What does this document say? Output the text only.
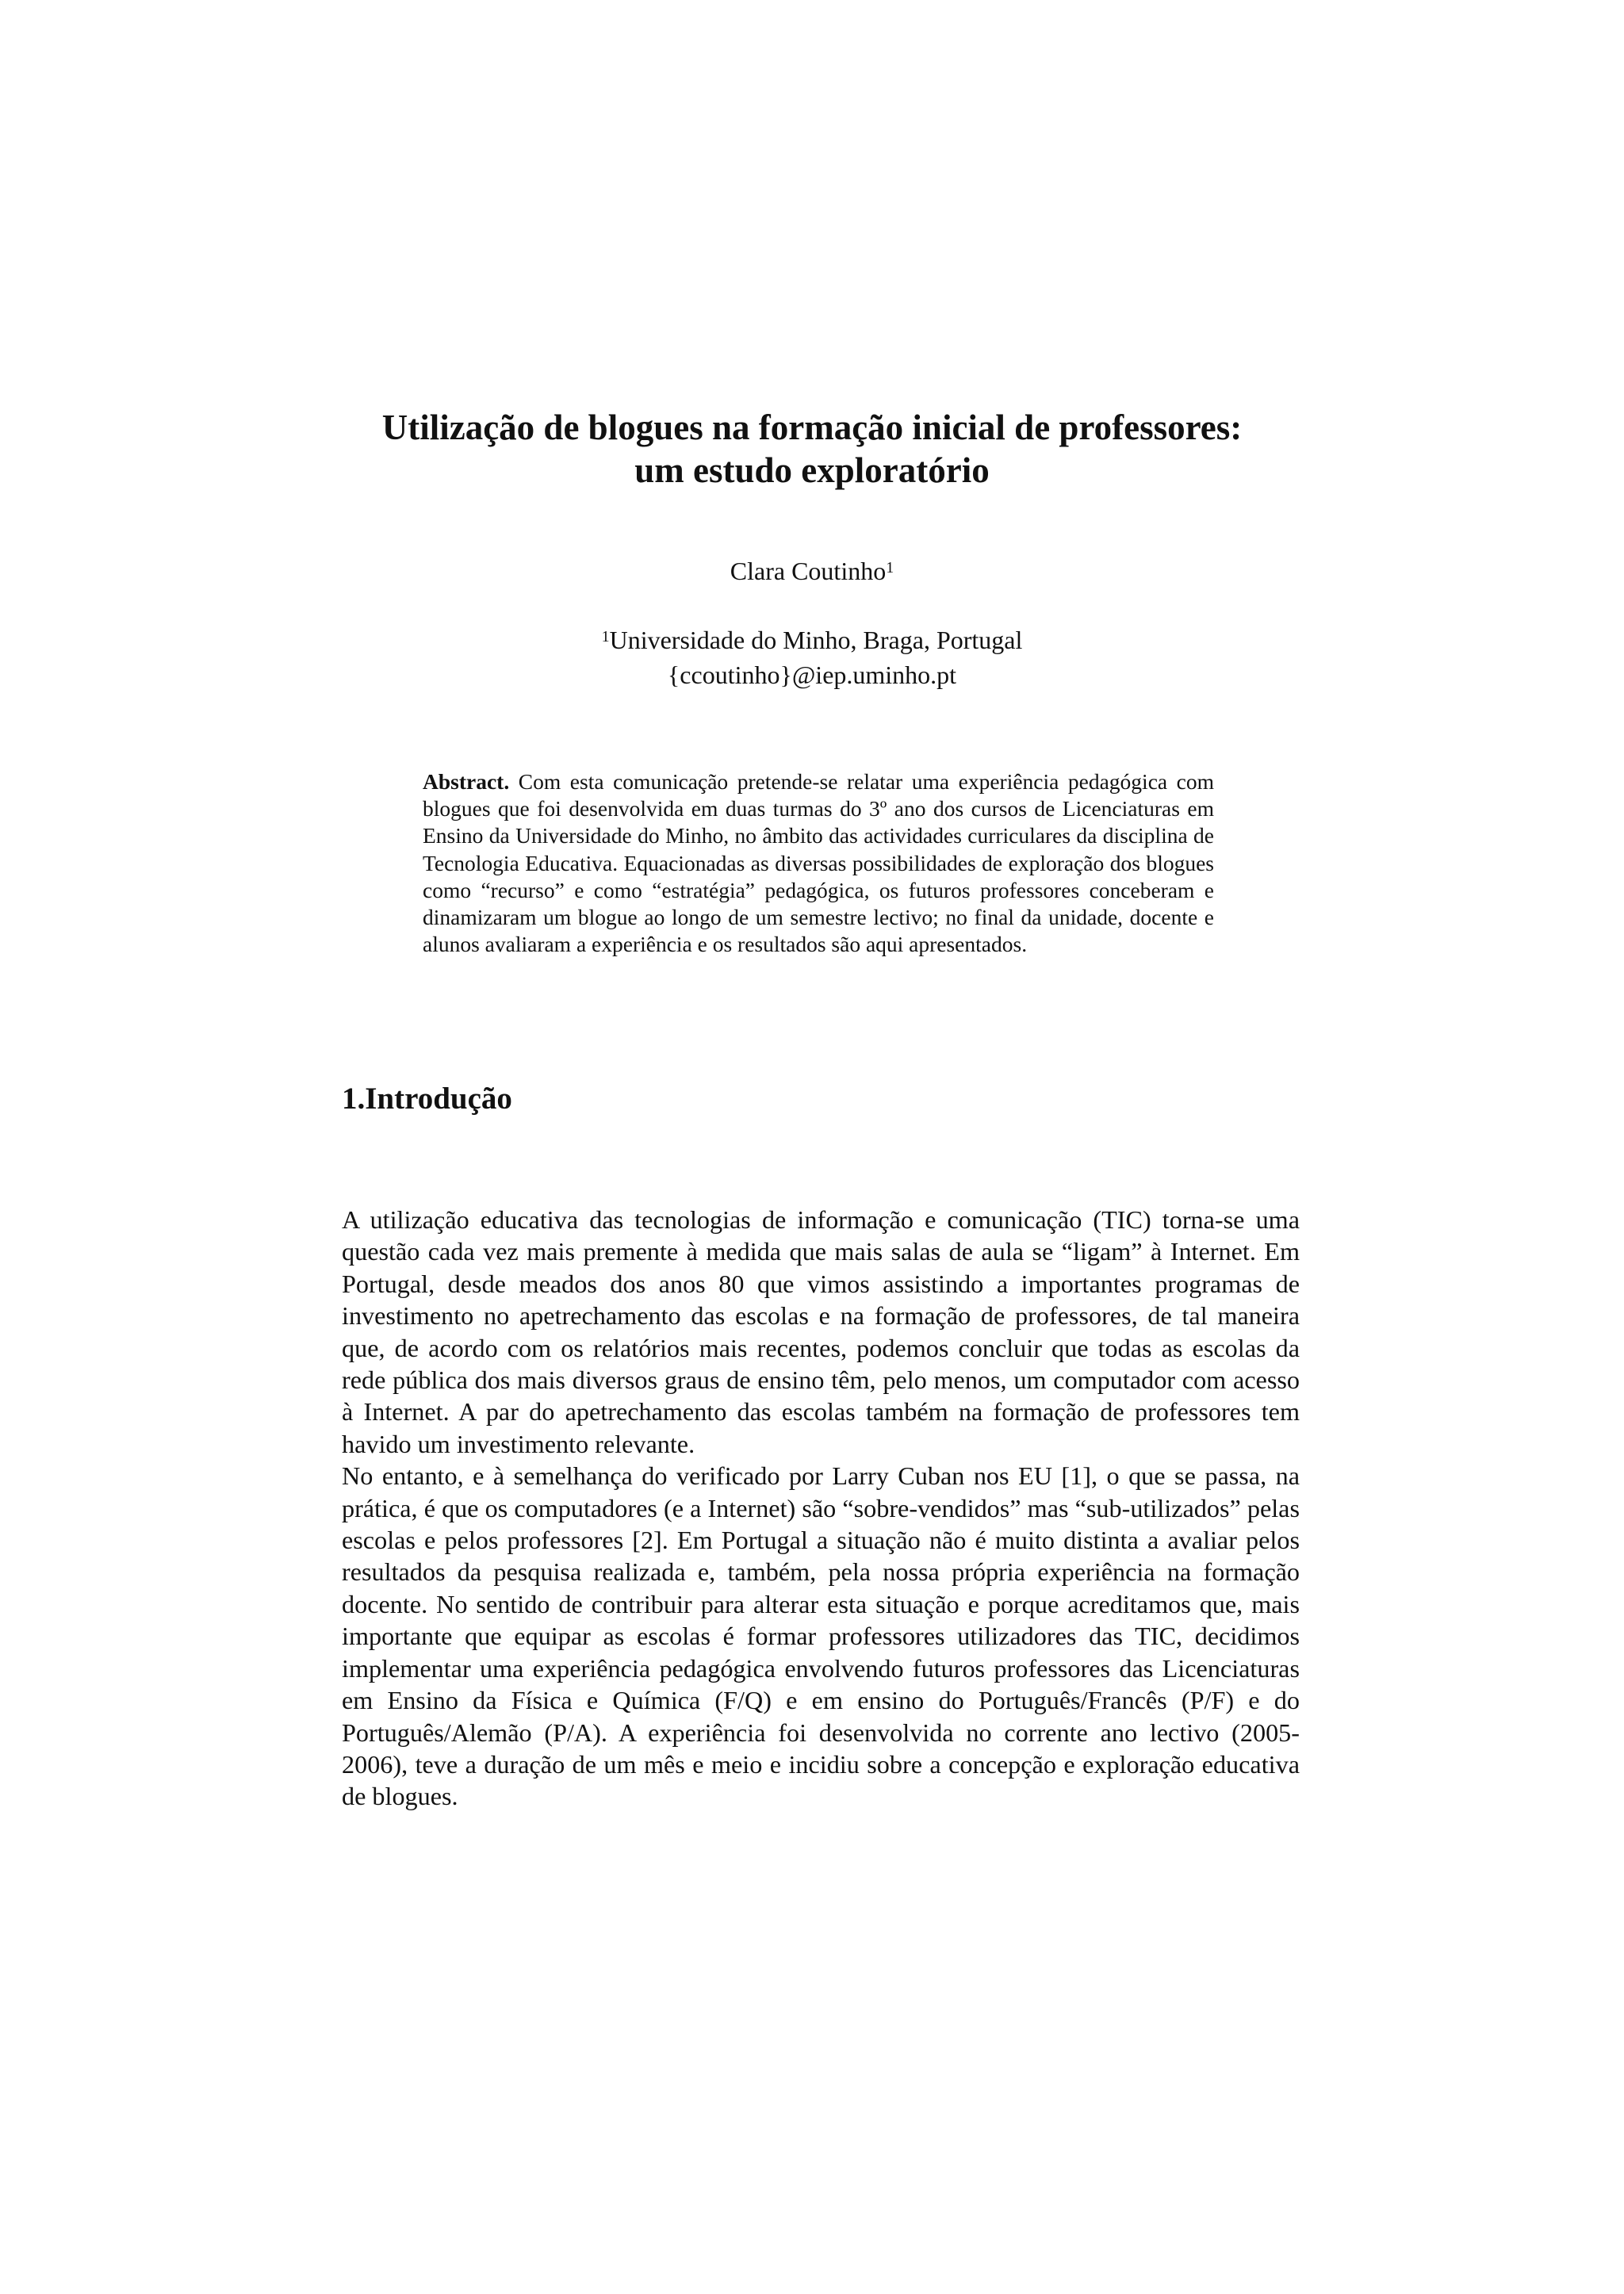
Utilização de blogues na formação inicial de professores:
um estudo exploratório
Clara Coutinho$^1$
$^1$Universidade do Minho, Braga, Portugal
{ccoutinho}@iep.uminho.pt

Abstract. Com esta comunicação pretende-se relatar uma experiência pedagógica com blogues que foi desenvolvida em duas turmas do 3º ano dos cursos de Licenciaturas em Ensino da Universidade do Minho, no âmbito das actividades curriculares da disciplina de Tecnologia Educativa. Equacionadas as diversas possibilidades de exploração dos blogues como “recurso” e como “estratégia” pedagógica, os futuros professores conceberam e dinamizaram um blogue ao longo de um semestre lectivo; no final da unidade, docente e alunos avaliaram a experiência e os resultados são aqui apresentados.

1.Introdução

A utilização educativa das tecnologias de informação e comunicação (TIC) torna-se uma questão cada vez mais premente à medida que mais salas de aula se “ligam” à Internet. Em Portugal, desde meados dos anos 80 que vimos assistindo a importantes programas de investimento no apetrechamento das escolas e na formação de professores, de tal maneira que, de acordo com os relatórios mais recentes, podemos concluir que todas as escolas da rede pública dos mais diversos graus de ensino têm, pelo menos, um computador com acesso à Internet. A par do apetrechamento das escolas também na formação de professores tem havido um investimento relevante.

No entanto, e à semelhança do verificado por Larry Cuban nos EU [1], o que se passa, na prática, é que os computadores (e a Internet) são “sobre-vendidos” mas “sub-utilizados” pelas escolas e pelos professores [2]. Em Portugal a situação não é muito distinta a avaliar pelos resultados da pesquisa realizada e, também, pela nossa própria experiência na formação docente. No sentido de contribuir para alterar esta situação e porque acreditamos que, mais importante que equipar as escolas é formar professores utilizadores das TIC, decidimos implementar uma experiência pedagógica envolvendo futuros professores das Licenciaturas em Ensino da Física e Química (F/Q) e em ensino do Português/Francês (P/F) e do Português/Alemão (P/A). A experiência foi desenvolvida no corrente ano lectivo (2005-2006), teve a duração de um mês e meio e incidiu sobre a concepção e exploração educativa de blogues.
